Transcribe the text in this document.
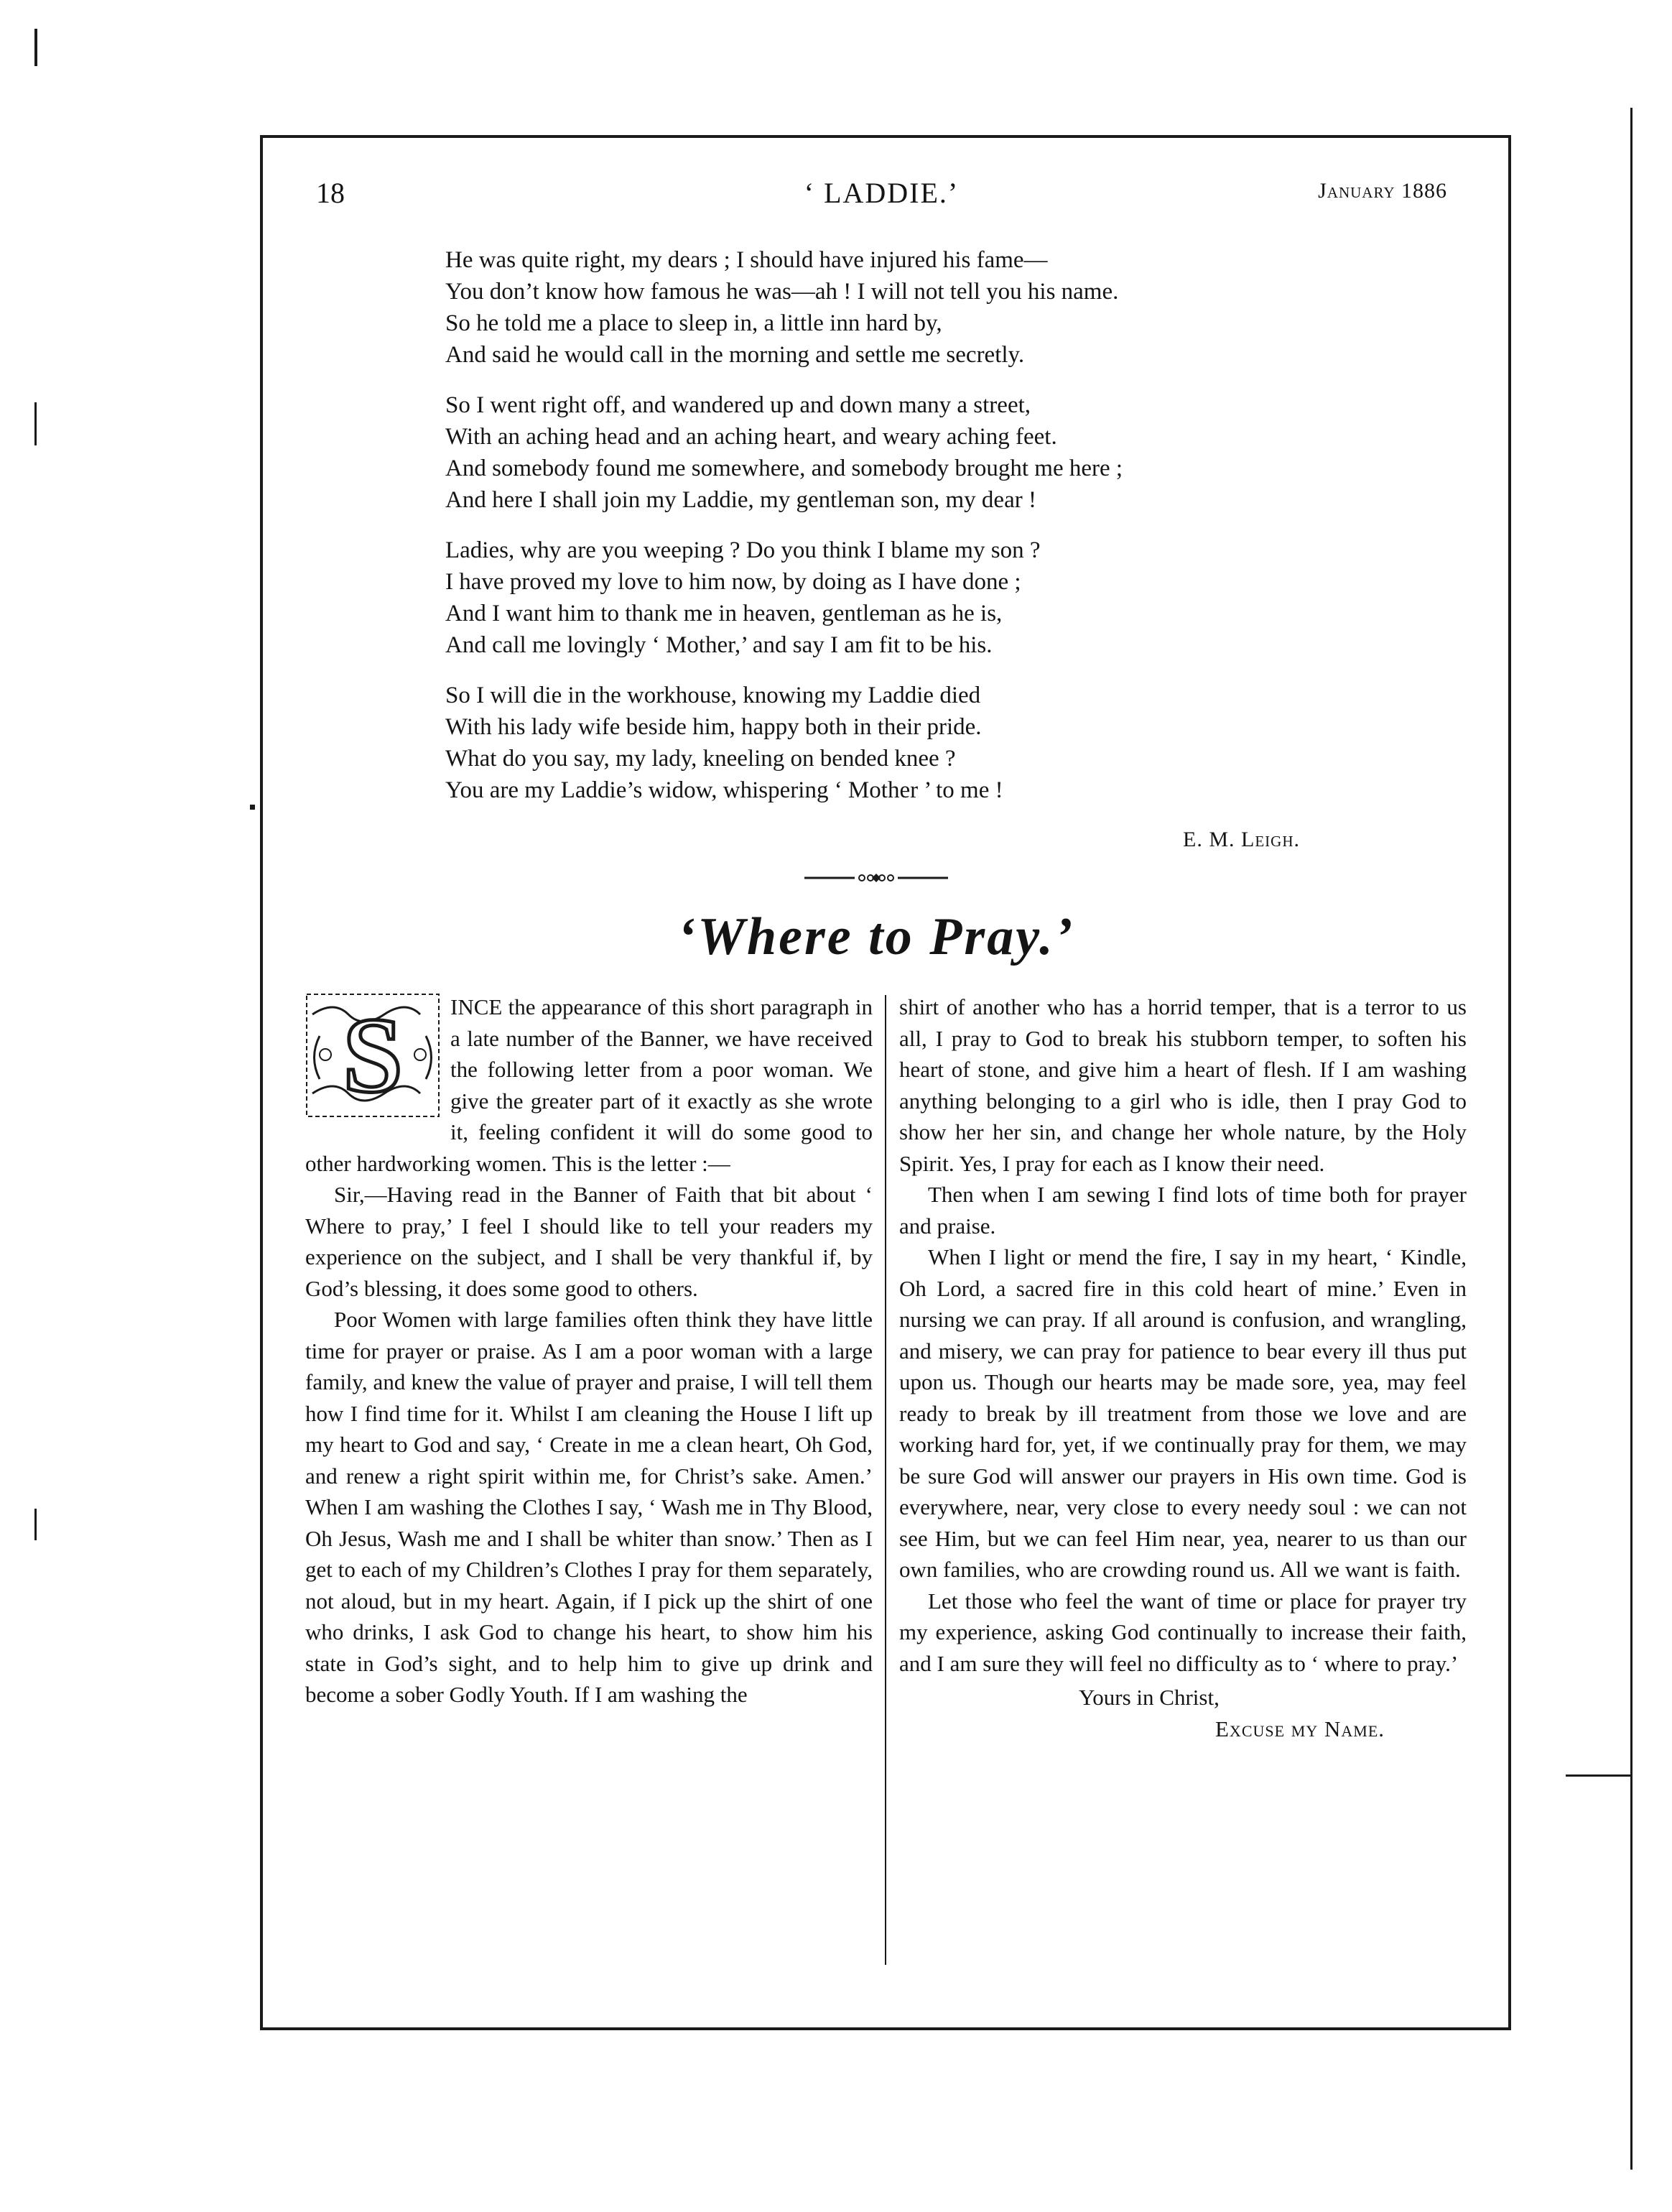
18	‘ LADDIE.’	January 1886
He was quite right, my dears ; I should have injured his fame—
You don’t know how famous he was—ah ! I will not tell you his name.
So he told me a place to sleep in, a little inn hard by,
And said he would call in the morning and settle me secretly.
So I went right off, and wandered up and down many a street,
With an aching head and an aching heart, and weary aching feet.
And somebody found me somewhere, and somebody brought me here ;
And here I shall join my Laddie, my gentleman son, my dear !
Ladies, why are you weeping ? Do you think I blame my son ?
I have proved my love to him now, by doing as I have done ;
And I want him to thank me in heaven, gentleman as he is,
And call me lovingly ‘ Mother,’ and say I am fit to be his.
So I will die in the workhouse, knowing my Laddie died
With his lady wife beside him, happy both in their pride.
What do you say, my lady, kneeling on bended knee ?
You are my Laddie’s widow, whispering ‘ Mother ’ to me !
E. M. Leigh.
‘Where to Pray.’
S	INCE the appearance of this short paragraph in a late number of the Banner, we have received the following letter from a poor woman. We give the greater part of it exactly as she wrote it, feeling confident it will do some good to other hardworking women. This is the letter :—

Sir,—Having read in the Banner of Faith that bit about ‘ Where to pray,’ I feel I should like to tell your readers my experience on the subject, and I shall be very thankful if, by God’s blessing, it does some good to others.

Poor Women with large families often think they have little time for prayer or praise. As I am a poor woman with a large family, and knew the value of prayer and praise, I will tell them how I find time for it. Whilst I am cleaning the House I lift up my heart to God and say, ‘ Create in me a clean heart, Oh God, and renew a right spirit within me, for Christ’s sake. Amen.’ When I am washing the Clothes I say, ‘ Wash me in Thy Blood, Oh Jesus, Wash me and I shall be whiter than snow.’ Then as I get to each of my Children’s Clothes I pray for them separately, not aloud, but in my heart. Again, if I pick up the shirt of one who drinks, I ask God to change his heart, to show him his state in God’s sight, and to help him to give up drink and become a sober Godly Youth. If I am washing the

shirt of another who has a horrid temper, that is a terror to us all, I pray to God to break his stubborn temper, to soften his heart of stone, and give him a heart of flesh. If I am washing anything belonging to a girl who is idle, then I pray God to show her her sin, and change her whole nature, by the Holy Spirit. Yes, I pray for each as I know their need.

Then when I am sewing I find lots of time both for prayer and praise.

When I light or mend the fire, I say in my heart, ‘ Kindle, Oh Lord, a sacred fire in this cold heart of mine.’ Even in nursing we can pray. If all around is confusion, and wrangling, and misery, we can pray for patience to bear every ill thus put upon us. Though our hearts may be made sore, yea, may feel ready to break by ill treatment from those we love and are working hard for, yet, if we continually pray for them, we may be sure God will answer our prayers in His own time. God is everywhere, near, very close to every needy soul : we can not see Him, but we can feel Him near, yea, nearer to us than our own families, who are crowding round us. All we want is faith.

Let those who feel the want of time or place for prayer try my experience, asking God continually to increase their faith, and I am sure they will feel no difficulty as to ‘ where to pray.’

Yours in Christ,
Excuse my Name.
